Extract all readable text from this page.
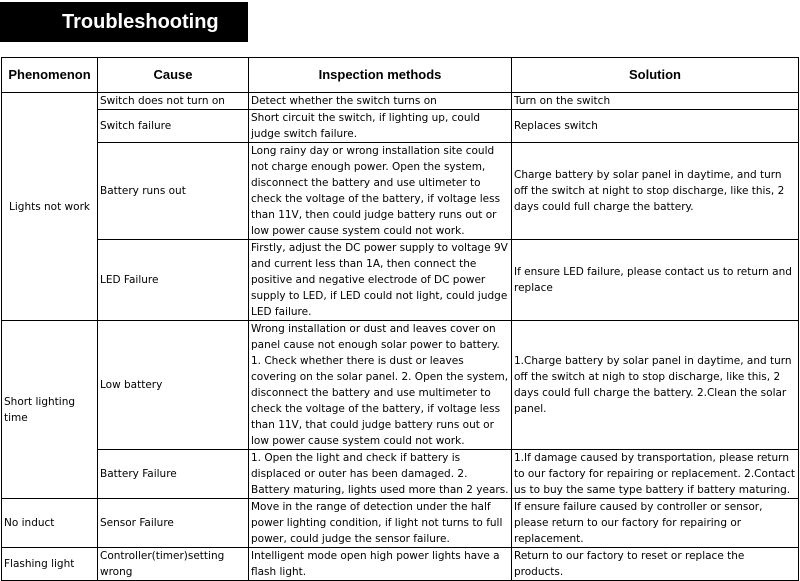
Troubleshooting
Phenomenon	Cause	Inspection methods	Solution
Lights not work	Switch does not turn on	Detect whether the switch turns on	Turn on the switch
	Switch failure	Short circuit the switch, if lighting up, could judge switch failure.	Replaces switch
	Battery runs out	Long rainy day or wrong installation site could not charge enough power. Open the system, disconnect the battery and use ultimeter to check the voltage of the battery, if voltage less than 11V, then could judge battery runs out or low power cause system could not work.	Charge battery by solar panel in daytime, and turn off the switch at night to stop discharge, like this, 2 days could full charge the battery.
	LED Failure	Firstly, adjust the DC power supply to voltage 9V and current less than 1A, then connect the positive and negative electrode of DC power supply to LED, if LED could not light, could judge LED failure.	If ensure LED failure, please contact us to return and replace
Short lighting time	Low battery	Wrong installation or dust and leaves cover on panel cause not enough solar power to battery. 1. Check whether there is dust or leaves covering on the solar panel. 2. Open the system, disconnect the battery and use multimeter to check the voltage of the battery, if voltage less than 11V, that could judge battery runs out or low power cause system could not work.	1.Charge battery by solar panel in daytime, and turn off the switch at nigh to stop discharge, like this, 2 days could full charge the battery. 2.Clean the solar panel.
	Battery Failure	1. Open the light and check if battery is displaced or outer has been damaged. 2. Battery maturing, lights used more than 2 years.	1.If damage caused by transportation, please return to our factory for repairing or replacement. 2.Contact us to buy the same type battery if battery maturing.
No induct	Sensor Failure	Move in the range of detection under the half power lighting condition, if light not turns to full power, could judge the sensor failure.	If ensure failure caused by controller or sensor, please return to our factory for repairing or replacement.
Flashing light	Controller(timer)setting wrong	Intelligent mode open high power lights have a flash light.	Return to our factory to reset or replace the products.
